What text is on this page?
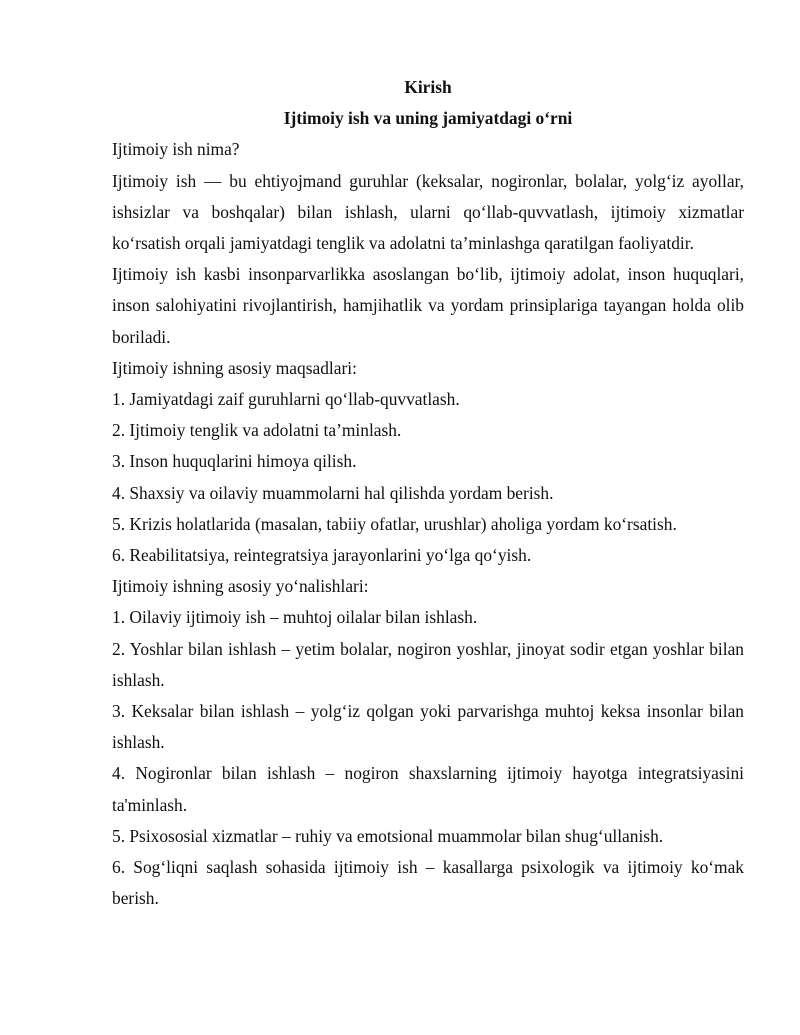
Kirish
Ijtimoiy ish va uning jamiyatdagi o‘rni

Ijtimoiy ish nima?

Ijtimoiy ish — bu ehtiyojmand guruhlar (keksalar, nogironlar, bolalar, yolg‘iz ayollar, ishsizlar va boshqalar) bilan ishlash, ularni qo‘llab-quvvatlash, ijtimoiy xizmatlar ko‘rsatish orqali jamiyatdagi tenglik va adolatni ta’minlashga qaratilgan faoliyatdir.

Ijtimoiy ish kasbi insonparvarlikka asoslangan bo‘lib, ijtimoiy adolat, inson huquqlari, inson salohiyatini rivojlantirish, hamjihatlik va yordam prinsiplariga tayangan holda olib boriladi.

Ijtimoiy ishning asosiy maqsadlari:

1. Jamiyatdagi zaif guruhlarni qo‘llab-quvvatlash.

2. Ijtimoiy tenglik va adolatni ta’minlash.

3. Inson huquqlarini himoya qilish.

4. Shaxsiy va oilaviy muammolarni hal qilishda yordam berish.

5. Krizis holatlarida (masalan, tabiiy ofatlar, urushlar) aholiga yordam ko‘rsatish.

6. Reabilitatsiya, reintegratsiya jarayonlarini yo‘lga qo‘yish.

Ijtimoiy ishning asosiy yo‘nalishlari:

1. Oilaviy ijtimoiy ish – muhtoj oilalar bilan ishlash.

2. Yoshlar bilan ishlash – yetim bolalar, nogiron yoshlar, jinoyat sodir etgan yoshlar bilan ishlash.

3. Keksalar bilan ishlash – yolg‘iz qolgan yoki parvarishga muhtoj keksa insonlar bilan ishlash.

4. Nogironlar bilan ishlash – nogiron shaxslarning ijtimoiy hayotga integratsiyasini ta'minlash.

5. Psixososial xizmatlar – ruhiy va emotsional muammolar bilan shug‘ullanish.

6. Sog‘liqni saqlash sohasida ijtimoiy ish – kasallarga psixologik va ijtimoiy ko‘mak berish.
